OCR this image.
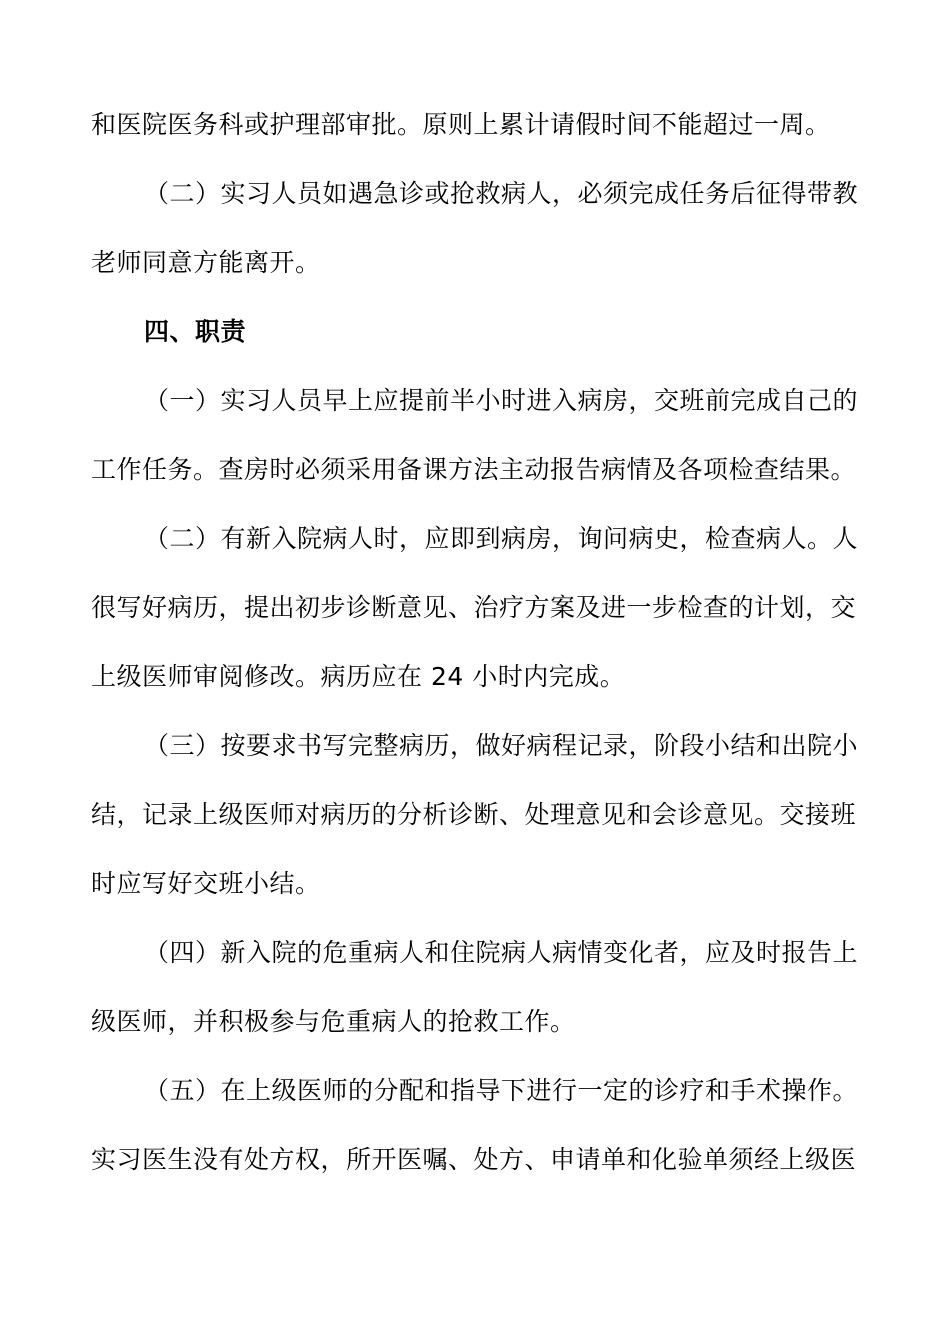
和医院医务科或护理部审批。原则上累计请假时间不能超过一周。
（二）实习人员如遇急诊或抢救病人，必须完成任务后征得带教
老师同意方能离开。
四、职责
（一）实习人员早上应提前半小时进入病房，交班前完成自己的
工作任务。查房时必须采用备课方法主动报告病情及各项检查结果。
（二）有新入院病人时，应即到病房，询问病史，检查病人。人
很写好病历，提出初步诊断意见、治疗方案及进一步检查的计划，交
上级医师审阅修改。病历应在 24 小时内完成。
（三）按要求书写完整病历，做好病程记录，阶段小结和出院小
结，记录上级医师对病历的分析诊断、处理意见和会诊意见。交接班
时应写好交班小结。
（四）新入院的危重病人和住院病人病情变化者，应及时报告上
级医师，并积极参与危重病人的抢救工作。
（五）在上级医师的分配和指导下进行一定的诊疗和手术操作。
实习医生没有处方权，所开医嘱、处方、申请单和化验单须经上级医
